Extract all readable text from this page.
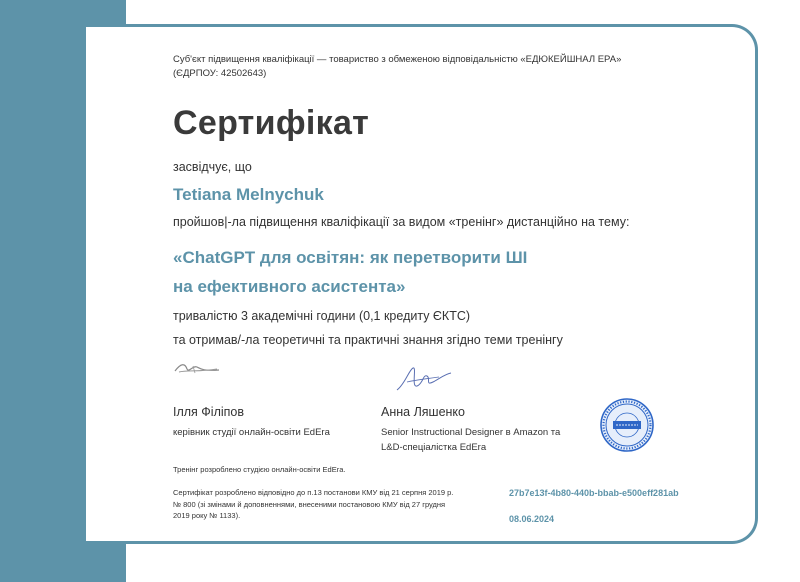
Суб'єкт підвищення кваліфікації — товариство з обмеженою відповідальністю «ЕДЮКЕЙШНАЛ ЕРА»
(ЄДРПОУ: 42502643)
Сертифікат
засвідчує, що
Tetiana Melnychuk
пройшов|-ла підвищення кваліфікації за видом «тренінг» дистанційно на тему:
«ChatGPT для освітян: як перетворити ШІ
на ефективного асистента»
тривалістю 3 академічні години (0,1 кредиту ЄКТС)
та отримав/-ла теоретичні та практичні знання згідно теми тренінгу
Ілля Філіпов
керівник студії онлайн-освіти EdEra
Анна Ляшенко
Senior Instructional Designer в Amazon та
L&D-спеціалістка EdEra
Тренінг розроблено студією онлайн-освіти EdEra.
Сертифікат розроблено відповідно до п.13 постанови КМУ від 21 серпня 2019 р.
№ 800 (зі змінами й доповненнями, внесеними постановою КМУ від 27 грудня
2019 року № 1133).
27b7e13f-4b80-440b-bbab-e500eff281ab
08.06.2024
